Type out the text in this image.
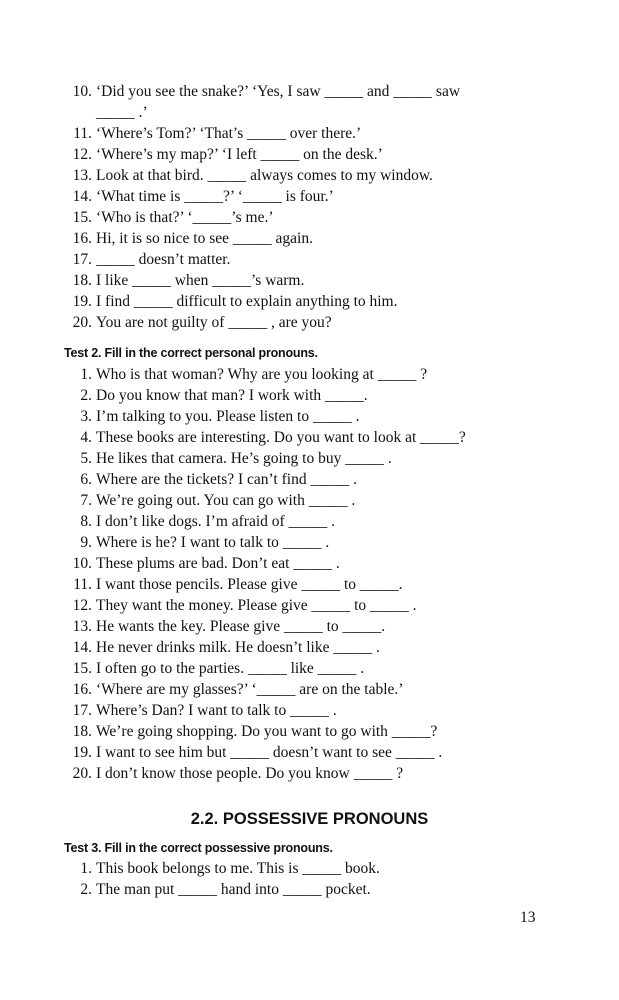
10. ‘Did you see the snake?’ ‘Yes, I saw _____ and _____ saw
_____ .’
11. ‘Where’s Tom?’ ‘That’s _____ over there.’
12. ‘Where’s my map?’ ‘I left _____ on the desk.’
13. Look at that bird. _____ always comes to my window.
14. ‘What time is _____?’ ‘_____ is four.’
15. ‘Who is that?’ ‘_____’s me.’
16. Hi, it is so nice to see _____ again.
17. _____ doesn’t matter.
18. I like _____ when _____’s warm.
19. I find _____ difficult to explain anything to him.
20. You are not guilty of _____ , are you?
Test 2. Fill in the correct personal pronouns.
1. Who is that woman? Why are you looking at _____ ?
2. Do you know that man? I work with _____.
3. I’m talking to you. Please listen to _____ .
4. These books are interesting. Do you want to look at _____?
5. He likes that camera. He’s going to buy _____ .
6. Where are the tickets? I can’t find _____ .
7. We’re going out. You can go with _____ .
8. I don’t like dogs. I’m afraid of _____ .
9. Where is he? I want to talk to _____ .
10. These plums are bad. Don’t eat _____ .
11. I want those pencils. Please give _____ to _____.
12. They want the money. Please give _____ to _____ .
13. He wants the key. Please give _____ to _____.
14. He never drinks milk. He doesn’t like _____ .
15. I often go to the parties. _____ like _____ .
16. ‘Where are my glasses?’ ‘_____ are on the table.’
17. Where’s Dan? I want to talk to _____ .
18. We’re going shopping. Do you want to go with _____?
19. I want to see him but _____ doesn’t want to see _____ .
20. I don’t know those people. Do you know _____ ?
2.2. POSSESSIVE PRONOUNS
Test 3. Fill in the correct possessive pronouns.
1. This book belongs to me. This is _____ book.
2. The man put _____ hand into _____ pocket.
13
